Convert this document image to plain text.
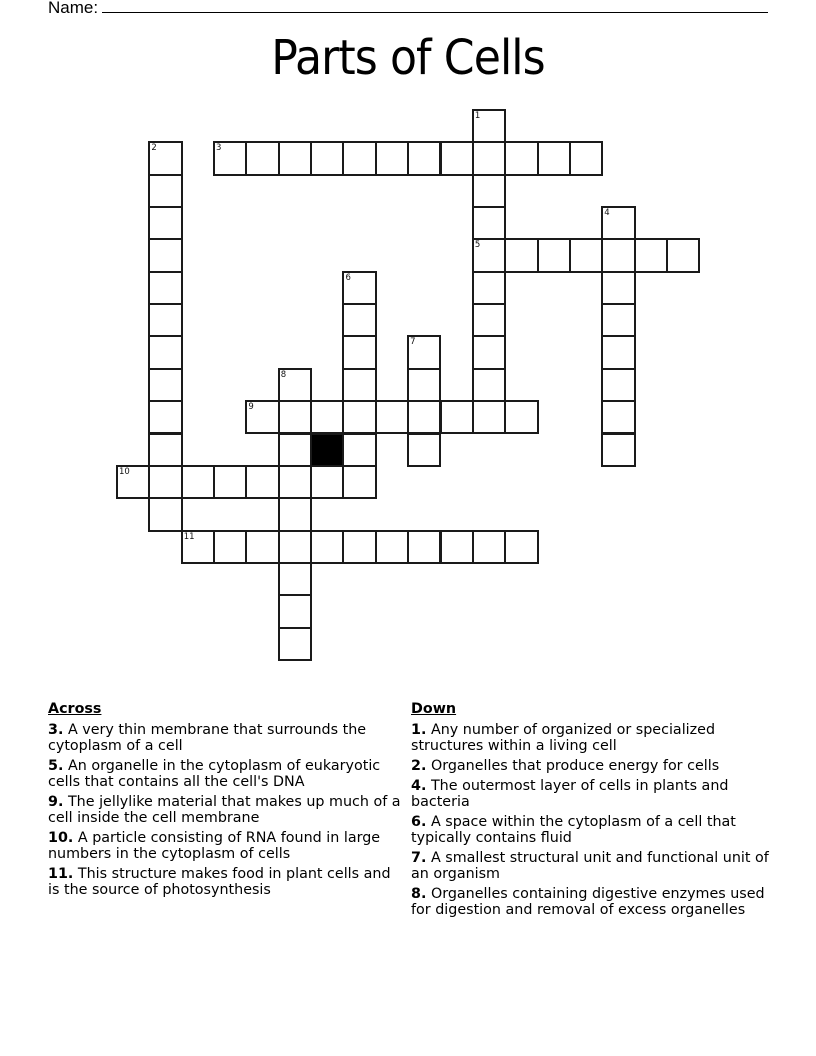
Name:
Parts of Cells
1
5
2	3
4
6
7
8
9
10
11
Across
3. A very thin membrane that surrounds the cytoplasm of a cell
5. An organelle in the cytoplasm of eukaryotic cells that contains all the cell's DNA
9. The jellylike material that makes up much of a cell inside the cell membrane
10. A particle consisting of RNA found in large numbers in the cytoplasm of cells
11. This structure makes food in plant cells and is the source of photosynthesis
Down
1. Any number of organized or specialized structures within a living cell
2. Organelles that produce energy for cells
4. The outermost layer of cells in plants and bacteria
6. A space within the cytoplasm of a cell that typically contains fluid
7. A smallest structural unit and functional unit of an organism
8. Organelles containing digestive enzymes used for digestion and removal of excess organelles
